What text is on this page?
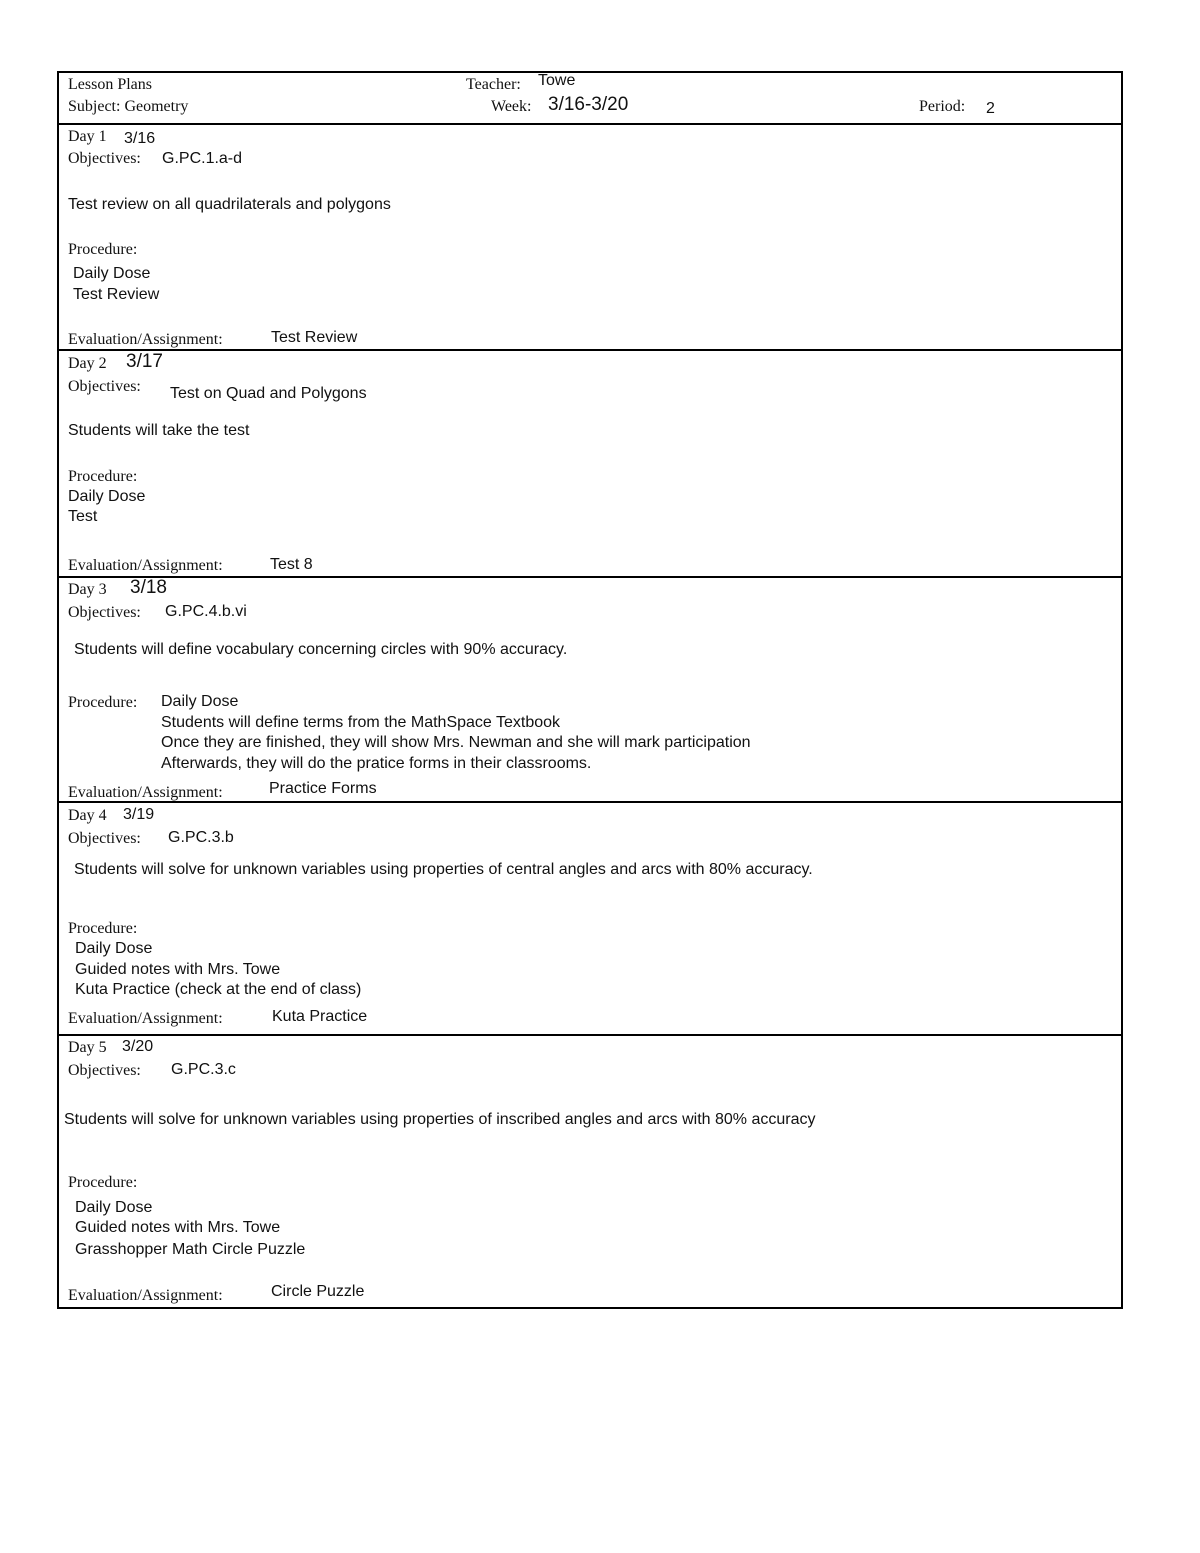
Lesson Plans	Teacher: Towe
Subject: Geometry	Week: 3/16-3/20	Period: 2
Day 1 3/16
Objectives: G.PC.1.a-d
Test review on all quadrilaterals and polygons
Procedure:
Daily Dose
Test Review
Evaluation/Assignment:	Test Review
Day 2 3/17
Objectives: Test on Quad and Polygons
Students will take the test
Procedure:
Daily Dose
Test
Evaluation/Assignment:	Test 8
Day 3 3/18
Objectives: G.PC.4.b.vi
Students will define vocabulary concerning circles with 90% accuracy.
Procedure: Daily Dose
Students will define terms from the MathSpace Textbook
Once they are finished, they will show Mrs. Newman and she will mark participation
Afterwards, they will do the pratice forms in their classrooms.
Evaluation/Assignment:	Practice Forms
Day 4 3/19
Objectives: G.PC.3.b
Students will solve for unknown variables using properties of central angles and arcs with 80% accuracy.
Procedure:
Daily Dose
Guided notes with Mrs. Towe
Kuta Practice (check at the end of class)
Evaluation/Assignment:	Kuta Practice
Day 5 3/20
Objectives: G.PC.3.c
Students will solve for unknown variables using properties of inscribed angles and arcs with 80% accuracy
Procedure:
Daily Dose
Guided notes with Mrs. Towe
Grasshopper Math Circle Puzzle
Evaluation/Assignment:	Circle Puzzle
